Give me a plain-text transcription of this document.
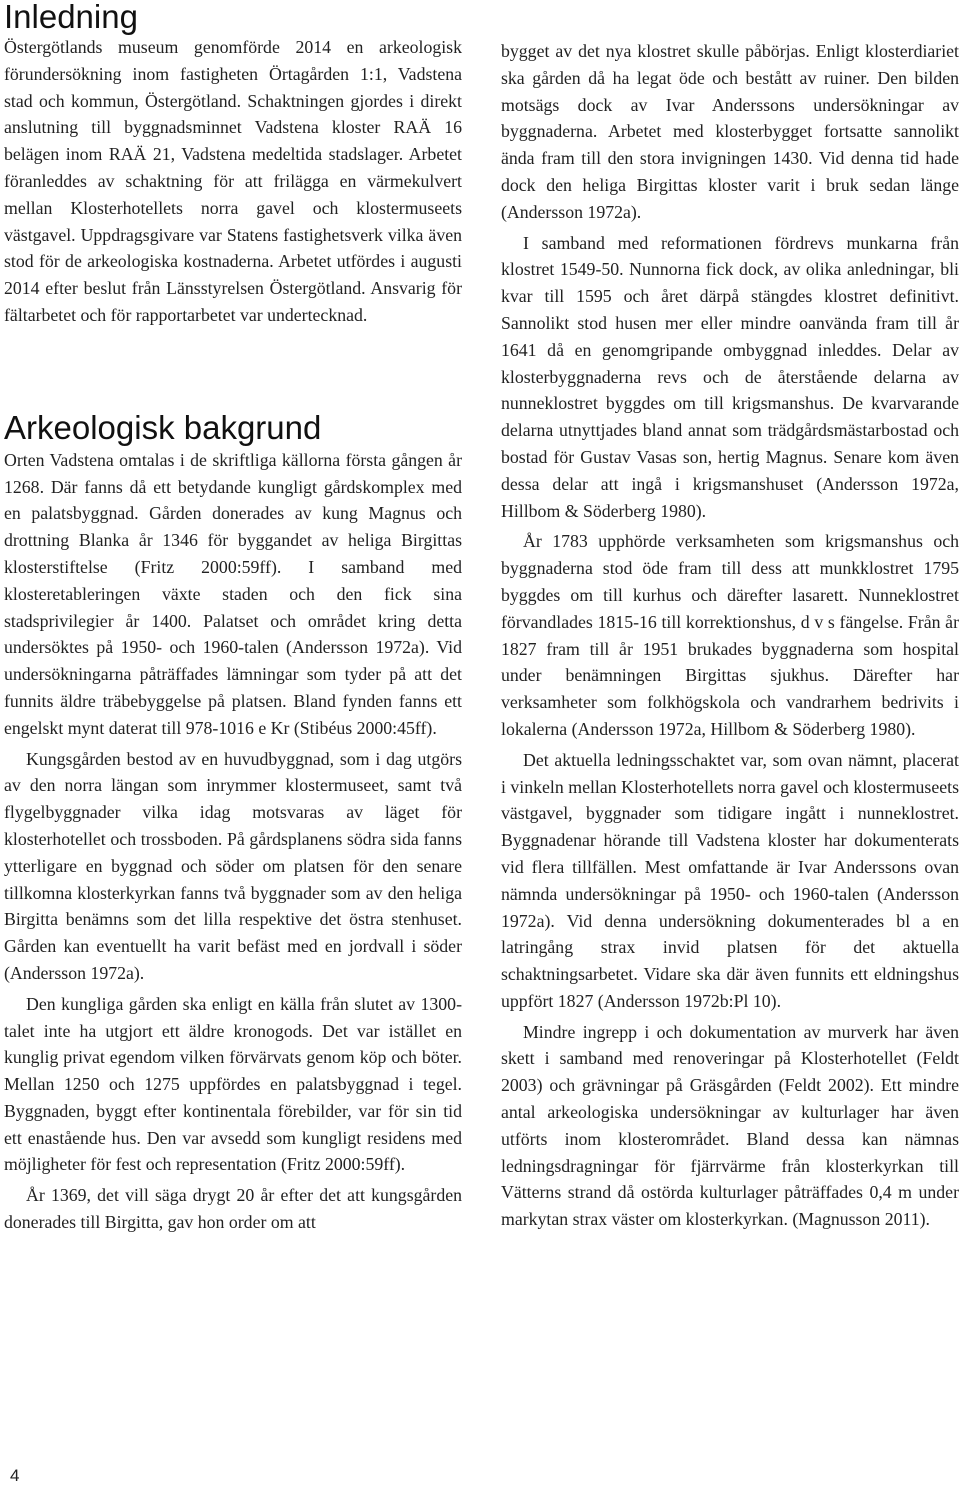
Inledning

Östergötlands museum genomförde 2014 en arkeologisk förundersökning inom fastigheten Örtagården 1:1, Vadstena stad och kommun, Östergötland. Schaktningen gjordes i direkt anslutning till byggnadsminnet Vadstena kloster RAÄ 16 belägen inom RAÄ 21, Vadstena medeltida stadslager. Arbetet föranleddes av schaktning för att frilägga en värmekulvert mellan Klosterhotellets norra gavel och klostermuseets västgavel. Uppdragsgivare var Statens fastighetsverk vilka även stod för de arkeologiska kostnaderna. Arbetet utfördes i augusti 2014 efter beslut från Länsstyrelsen Östergötland. Ansvarig för fältarbetet och för rapportarbetet var undertecknad.

Arkeologisk bakgrund

Orten Vadstena omtalas i de skriftliga källorna första gången år 1268. Där fanns då ett betydande kungligt gårdskomplex med en palatsbyggnad. Gården donerades av kung Magnus och drottning Blanka år 1346 för byggandet av heliga Birgittas klosterstiftelse (Fritz 2000:59ff). I samband med klosteretableringen växte staden och den fick sina stadsprivilegier år 1400. Palatset och området kring detta undersöktes på 1950- och 1960-talen (Andersson 1972a). Vid undersökningarna påträffades lämningar som tyder på att det funnits äldre träbebyggelse på platsen. Bland fynden fanns ett engelskt mynt daterat till 978-1016 e Kr (Stibéus 2000:45ff).

Kungsgården bestod av en huvudbyggnad, som i dag utgörs av den norra längan som inrymmer klostermuseet, samt två flygelbyggnader vilka idag motsvaras av läget för klosterhotellet och trossboden. På gårdsplanens södra sida fanns ytterligare en byggnad och söder om platsen för den senare tillkomna klosterkyrkan fanns två byggnader som av den heliga Birgitta benämns som det lilla respektive det östra stenhuset. Gården kan eventuellt ha varit befäst med en jordvall i söder (Andersson 1972a).

Den kungliga gården ska enligt en källa från slutet av 1300-talet inte ha utgjort ett äldre kronogods. Det var istället en kunglig privat egendom vilken förvärvats genom köp och böter. Mellan 1250 och 1275 uppfördes en palatsbyggnad i tegel. Byggnaden, byggt efter kontinentala förebilder, var för sin tid ett enastående hus. Den var avsedd som kungligt residens med möjligheter för fest och representation (Fritz 2000:59ff).

År 1369, det vill säga drygt 20 år efter det att kungsgården donerades till Birgitta, gav hon order om att

bygget av det nya klostret skulle påbörjas. Enligt klosterdiariet ska gården då ha legat öde och bestått av ruiner. Den bilden motsägs dock av Ivar Anderssons undersökningar av byggnaderna. Arbetet med klosterbygget fortsatte sannolikt ända fram till den stora invigningen 1430. Vid denna tid hade dock den heliga Birgittas kloster varit i bruk sedan länge (Andersson 1972a).

I samband med reformationen fördrevs munkarna från klostret 1549-50. Nunnorna fick dock, av olika anledningar, bli kvar till 1595 och året därpå stängdes klostret definitivt. Sannolikt stod husen mer eller mindre oanvända fram till år 1641 då en genomgripande ombyggnad inleddes. Delar av klosterbyggnaderna revs och de återstående delarna av nunneklostret byggdes om till krigsmanshus. De kvarvarande delarna utnyttjades bland annat som trädgårdsmästarbostad och bostad för Gustav Vasas son, hertig Magnus. Senare kom även dessa delar att ingå i krigsmanshuset (Andersson 1972a, Hillbom & Söderberg 1980).

År 1783 upphörde verksamheten som krigsmanshus och byggnaderna stod öde fram till dess att munkklostret 1795 byggdes om till kurhus och därefter lasarett. Nunneklostret förvandlades 1815-16 till korrektionshus, d v s fängelse. Från år 1827 fram till år 1951 brukades byggnaderna som hospital under benämningen Birgittas sjukhus. Därefter har verksamheter som folkhögskola och vandrarhem bedrivits i lokalerna (Andersson 1972a, Hillbom & Söderberg 1980).

Det aktuella ledningsschaktet var, som ovan nämnt, placerat i vinkeln mellan Klosterhotellets norra gavel och klostermuseets västgavel, byggnader som tidigare ingått i nunneklostret. Byggnadenar hörande till Vadstena kloster har dokumenterats vid flera tillfällen. Mest omfattande är Ivar Anderssons ovan nämnda undersökningar på 1950- och 1960-talen (Andersson 1972a). Vid denna undersökning dokumenterades bl a en latringång strax invid platsen för det aktuella schaktningsarbetet. Vidare ska där även funnits ett eldningshus uppfört 1827 (Andersson 1972b:Pl 10).

Mindre ingrepp i och dokumentation av murverk har även skett i samband med renoveringar på Klosterhotellet (Feldt 2003) och grävningar på Gräsgården (Feldt 2002). Ett mindre antal arkeologiska undersökningar av kulturlager har även utförts inom klosterområdet. Bland dessa kan nämnas ledningsdragningar för fjärrvärme från klosterkyrkan till Vätterns strand då ostörda kulturlager påträffades 0,4 m under markytan strax väster om klosterkyrkan. (Magnusson 2011).

4
